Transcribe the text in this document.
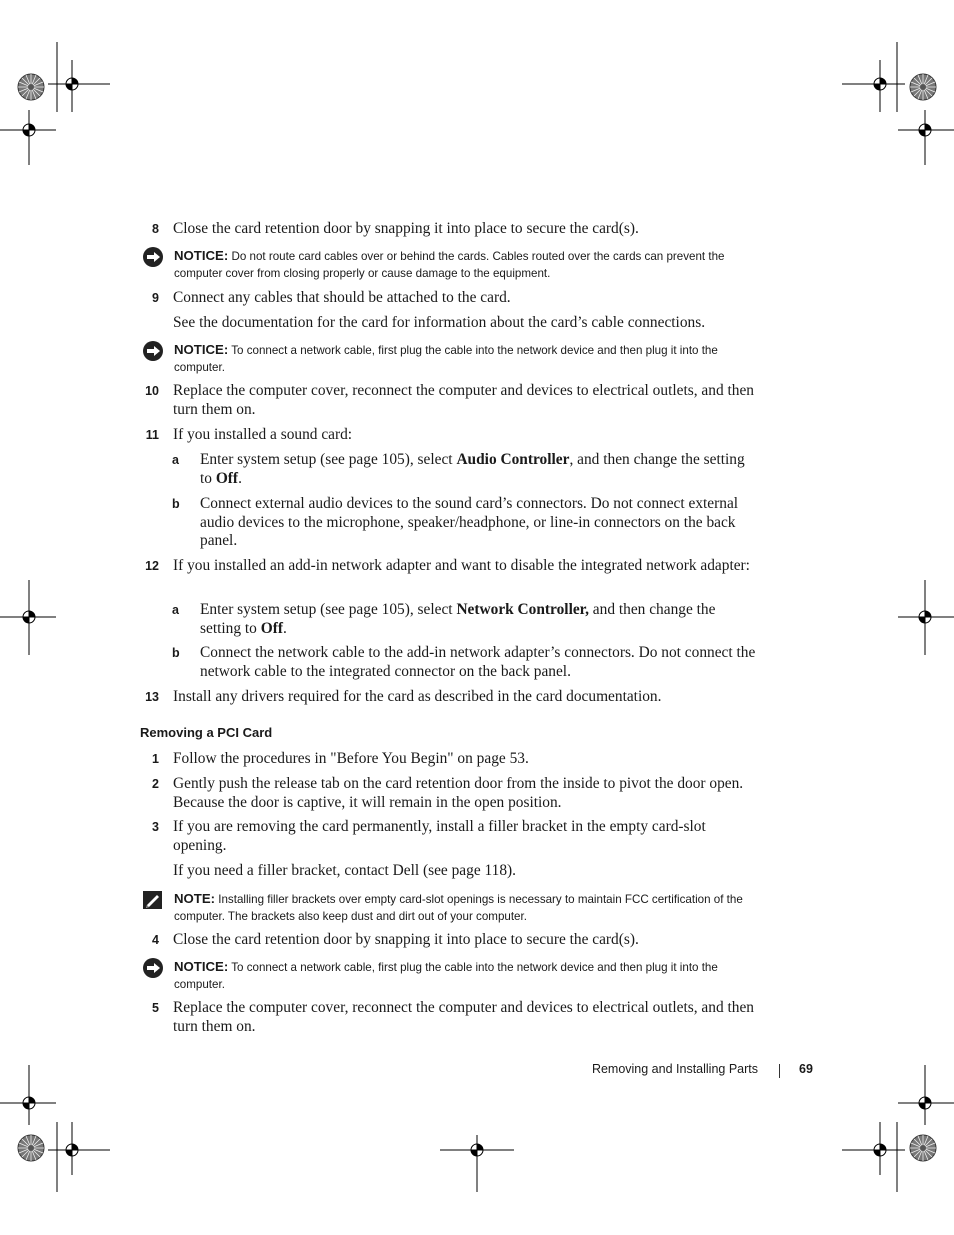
8 Close the card retention door by snapping it into place to secure the card(s).
NOTICE: Do not route card cables over or behind the cards. Cables routed over the cards can prevent the computer cover from closing properly or cause damage to the equipment.
9 Connect any cables that should be attached to the card.
See the documentation for the card for information about the card’s cable connections.
NOTICE: To connect a network cable, first plug the cable into the network device and then plug it into the computer.
10 Replace the computer cover, reconnect the computer and devices to electrical outlets, and then turn them on.
11 If you installed a sound card:
a Enter system setup (see page 105), select Audio Controller, and then change the setting to Off.
b Connect external audio devices to the sound card’s connectors. Do not connect external audio devices to the microphone, speaker/headphone, or line-in connectors on the back panel.
12 If you installed an add-in network adapter and want to disable the integrated network adapter:
a Enter system setup (see page 105), select Network Controller, and then change the setting to Off.
b Connect the network cable to the add-in network adapter’s connectors. Do not connect the network cable to the integrated connector on the back panel.
13 Install any drivers required for the card as described in the card documentation.
Removing a PCI Card
1 Follow the procedures in "Before You Begin" on page 53.
2 Gently push the release tab on the card retention door from the inside to pivot the door open. Because the door is captive, it will remain in the open position.
3 If you are removing the card permanently, install a filler bracket in the empty card-slot opening.
If you need a filler bracket, contact Dell (see page 118).
NOTE: Installing filler brackets over empty card-slot openings is necessary to maintain FCC certification of the computer. The brackets also keep dust and dirt out of your computer.
4 Close the card retention door by snapping it into place to secure the card(s).
NOTICE: To connect a network cable, first plug the cable into the network device and then plug it into the computer.
5 Replace the computer cover, reconnect the computer and devices to electrical outlets, and then turn them on.
Removing and Installing Parts	69
